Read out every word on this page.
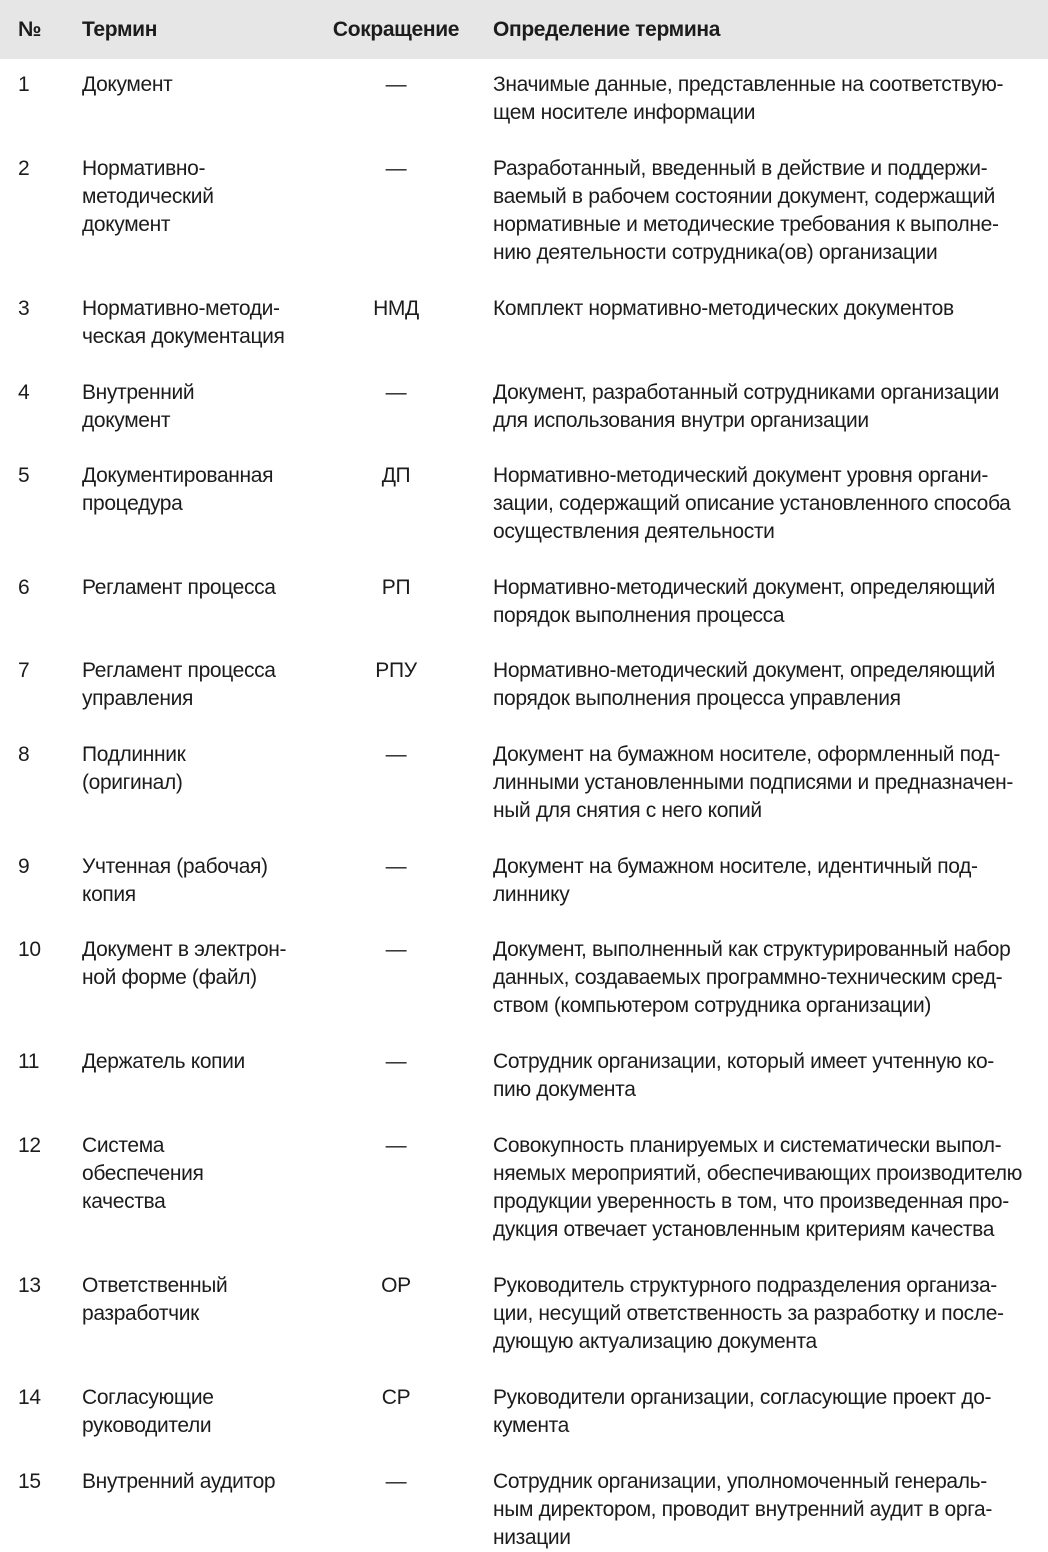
№ Термин	Сокращение	Определение термина
1	Документ	—	Значимые данные, представленные на соответствую-
щем носителе информации
2	Нормативно-
методический
документ
—	Разработанный, введенный в действие и поддержи-
ваемый в рабочем состоянии документ, содержащий
нормативные и методические требования к выполне-
нию деятельности сотрудника(ов) организации
3	Нормативно-методи-
ческая документация
НМД	Комплект нормативно-методических документов
4	Внутренний
документ
—	Документ, разработанный сотрудниками организации
для использования внутри организации
5	Документированная
процедура
ДП	Нормативно-методический документ уровня органи-
зации, содержащий описание установленного способа
осуществления деятельности
6	Регламент процесса	РП	Нормативно-методический документ, определяющий
порядок выполнения процесса
7	Регламент процесса
управления
РПУ	Нормативно-методический документ, определяющий
порядок выполнения процесса управления
8	Подлинник
(оригинал)
—	Документ на бумажном носителе, оформленный под-
линными установленными подписями и предназначен-
ный для снятия с него копий
9	Учтенная (рабочая)
копия
—	Документ на бумажном носителе, идентичный под-
линнику
10 Документ в электрон-
ной форме (файл)
—	Документ, выполненный как структурированный набор
данных, создаваемых программно-техническим сред-
ством (компьютером сотрудника организации)
11 Держатель копии	—	Сотрудник организации, который имеет учтенную ко-
пию документа
12 Система
обеспечения
качества
—	Совокупность планируемых и систематически выпол-
няемых мероприятий, обеспечивающих производителю
продукции уверенность в том, что произведенная про-
дукция отвечает установленным критериям качества
13 Ответственный
разработчик
ОР	Руководитель структурного подразделения организа-
ции, несущий ответственность за разработку и после-
дующую актуализацию документа
14 Согласующие
руководители
СР	Руководители организации, согласующие проект до-
кумента
15 Внутренний аудитор	—	Сотрудник организации, уполномоченный генераль-
ным директором, проводит внутренний аудит в орга-
низации
